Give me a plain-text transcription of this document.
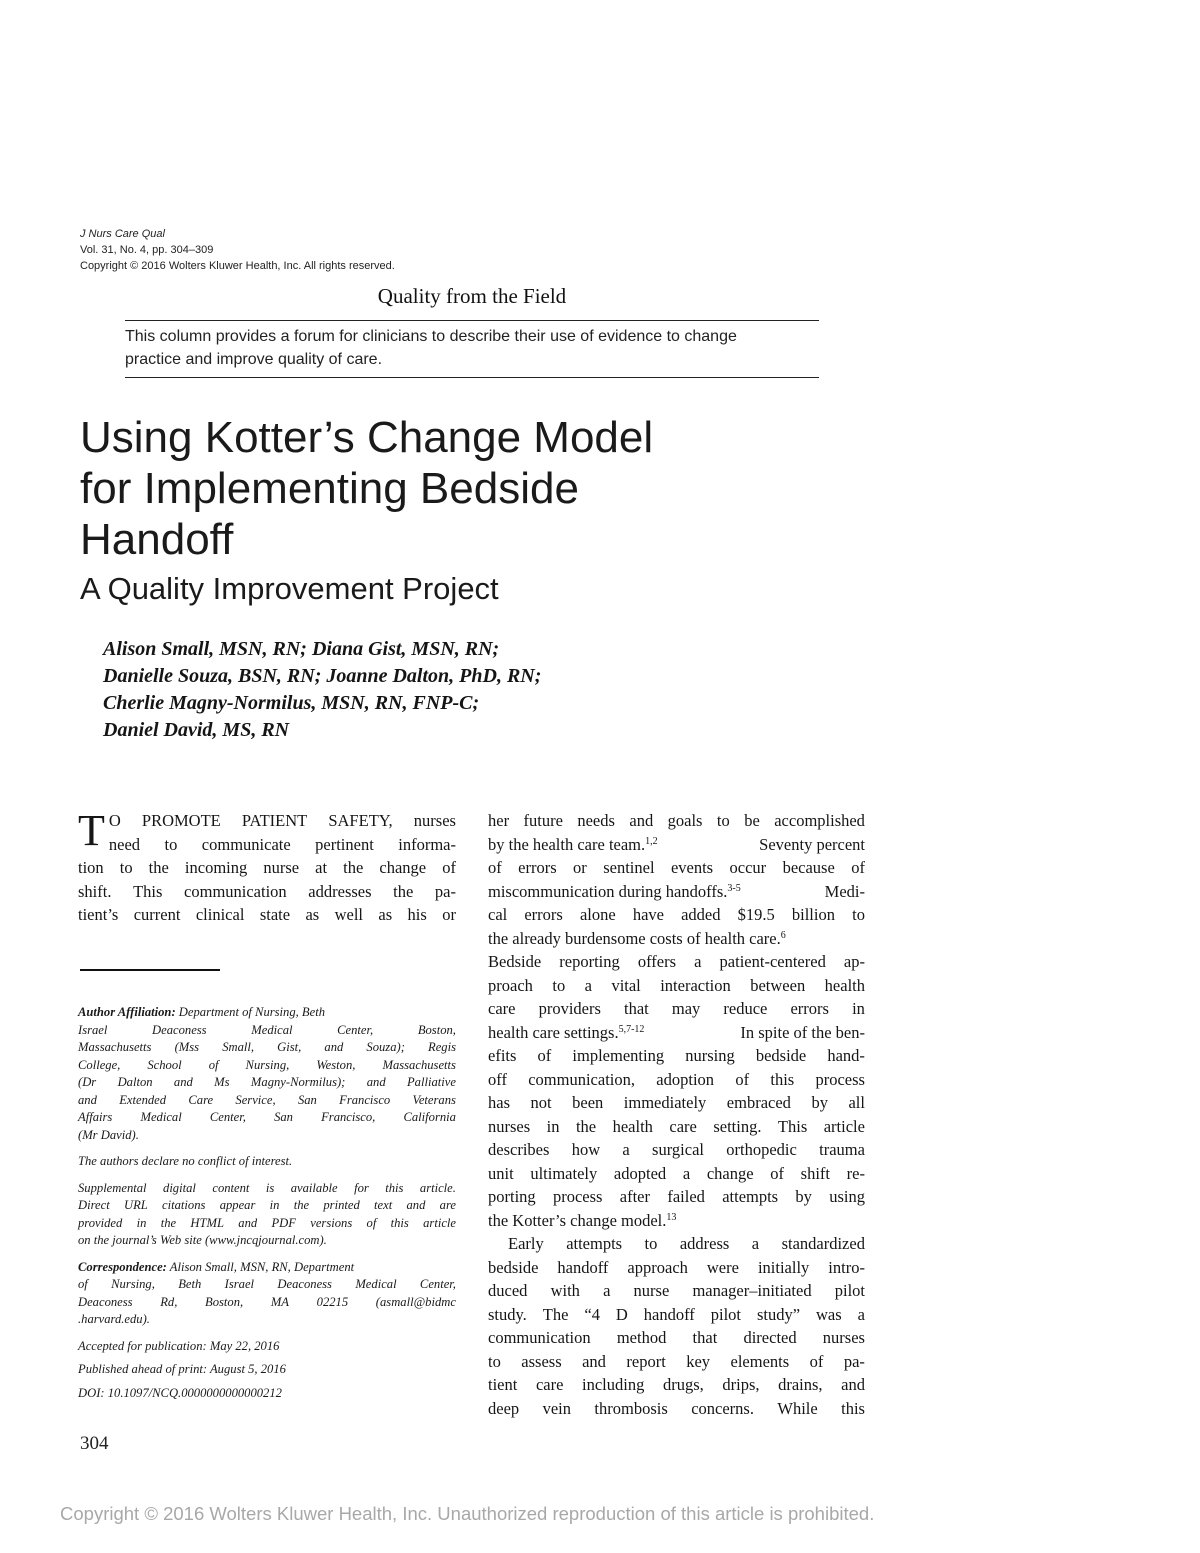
J Nurs Care Qual
Vol. 31, No. 4, pp. 304–309
Copyright © 2016 Wolters Kluwer Health, Inc. All rights reserved.
Quality from the Field
This column provides a forum for clinicians to describe their use of evidence to change
practice and improve quality of care.
Using Kotter’s Change Model
for Implementing Bedside
Handoff
A Quality Improvement Project
Alison Small, MSN, RN; Diana Gist, MSN, RN;
Danielle Souza, BSN, RN; Joanne Dalton, PhD, RN;
Cherlie Magny-Normilus, MSN, RN, FNP-C;
Daniel David, MS, RN
T O PROMOTE PATIENT SAFETY, nurses
need to communicate pertinent informa-
tion to the incoming nurse at the change of
shift. This communication addresses the pa-
tient’s current clinical state as well as his or

Author Affiliation: Department of Nursing, Beth
Israel	Deaconess	Medical	Center,	Boston,
Massachusetts (Mss Small, Gist, and Souza); Regis
College, School of Nursing, Weston, Massachusetts
(Dr Dalton and Ms Magny-Normilus); and Palliative
and Extended Care Service, San Francisco Veterans
Affairs Medical Center, San Francisco, California
(Mr David).

The authors declare no conflict of interest.

Supplemental digital content is available for this article.
Direct URL citations appear in the printed text and are
provided in the HTML and PDF versions of this article
on the journal’s Web site (www.jncqjournal.com).

Correspondence: Alison Small, MSN, RN, Department
of Nursing, Beth Israel Deaconess Medical Center,
Deaconess Rd, Boston, MA 02215 (asmall@bidmc
.harvard.edu).

Accepted for publication: May 22, 2016

Published ahead of print: August 5, 2016

DOI: 10.1097/NCQ.0000000000000212

her future needs and goals to be accomplished
by the health care team.$^{1,2}$	Seventy percent
of errors or sentinel events occur because of
miscommunication during handoffs.$^{3-5}$	Medi-
cal errors alone have added $19.5 billion to
the already burdensome costs of health care.$^6$
Bedside reporting offers a patient-centered ap-
proach to a vital interaction between health
care providers that may reduce errors in
health care settings.$^{5,7-12}$	In spite of the ben-
efits of implementing nursing bedside hand-
off communication, adoption of this process
has not been immediately embraced by all
nurses in the health care setting. This article
describes how a surgical orthopedic trauma
unit ultimately adopted a change of shift re-
porting process after failed attempts by using
the Kotter’s change model.$^{13}$
Early attempts to address a standardized
bedside handoff approach were initially intro-
duced with a nurse manager–initiated pilot
study. The “4 D handoff pilot study” was a
communication method that directed nurses
to assess and report key elements of pa-
tient care including drugs, drips, drains, and
deep vein thrombosis concerns. While this
304
Copyright © 2016 Wolters Kluwer Health, Inc. Unauthorized reproduction of this article is prohibited.
